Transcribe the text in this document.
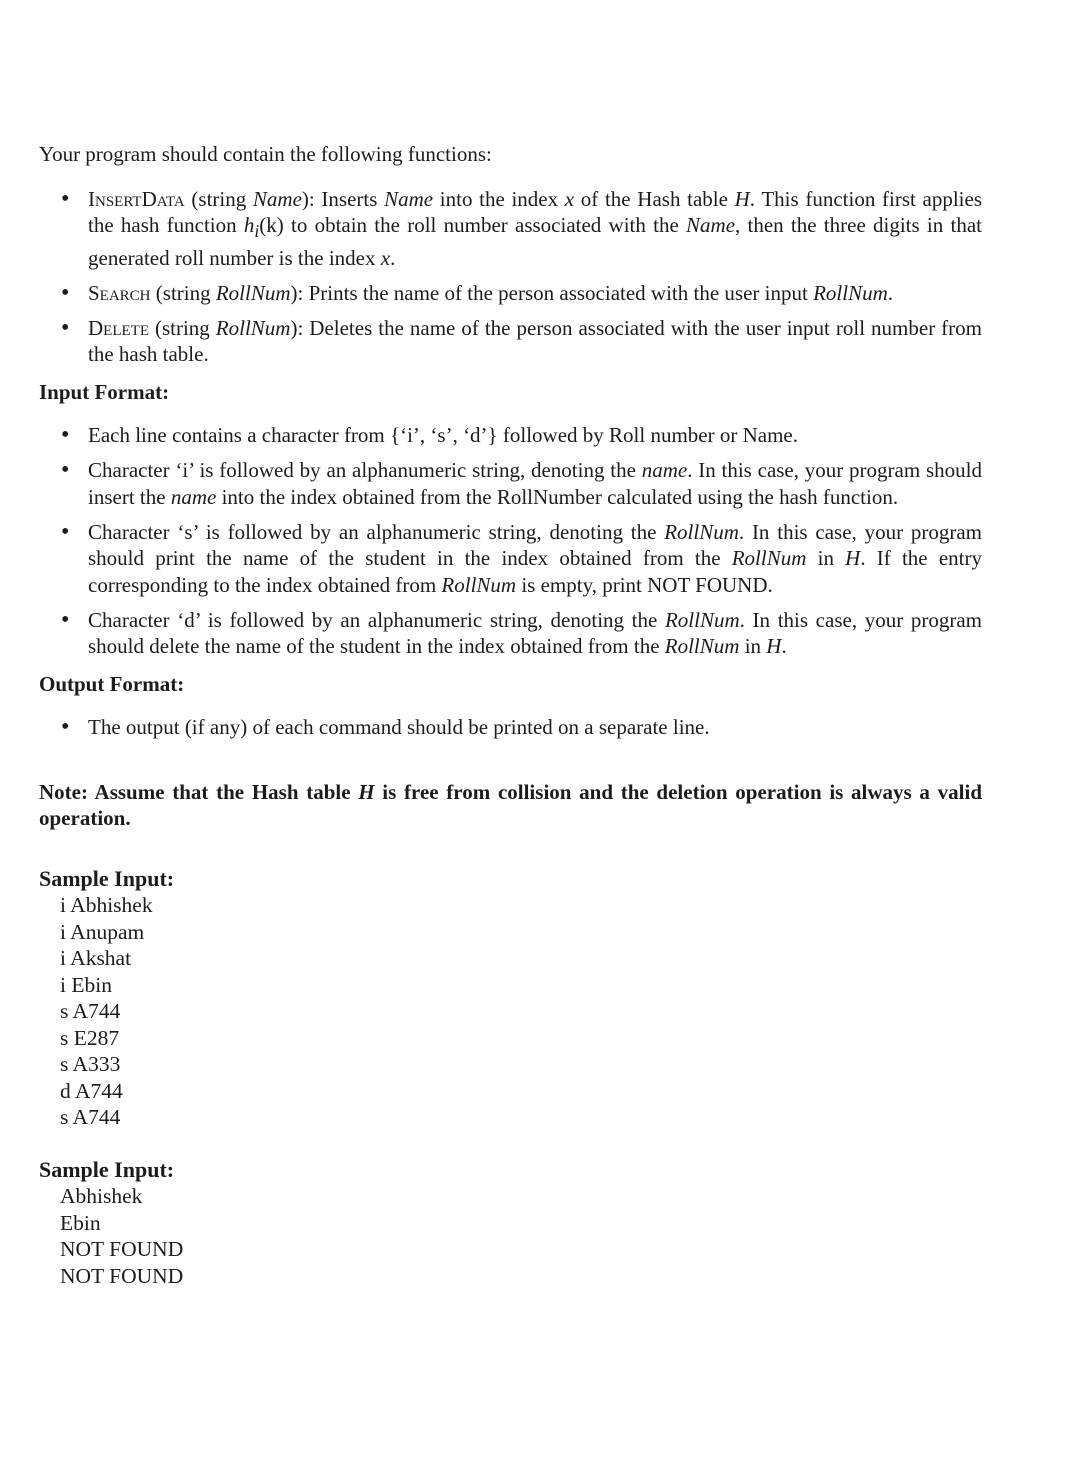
Your program should contain the following functions:

• InsertData (string Name): Inserts Name into the index x of the Hash table H. This function first applies the hash function $h_i(k)$ to obtain the roll number associated with the Name, then the three digits in that generated roll number is the index x.
• Search (string RollNum): Prints the name of the person associated with the user input RollNum.
• Delete (string RollNum): Deletes the name of the person associated with the user input roll number from the hash table.

Input Format:

• Each line contains a character from {‘i’, ‘s’, ‘d’} followed by Roll number or Name.
• Character ‘i’ is followed by an alphanumeric string, denoting the name. In this case, your program should insert the name into the index obtained from the RollNumber calculated using the hash function.
• Character ‘s’ is followed by an alphanumeric string, denoting the RollNum. In this case, your program should print the name of the student in the index obtained from the RollNum in H. If the entry corresponding to the index obtained from RollNum is empty, print NOT FOUND.
• Character ‘d’ is followed by an alphanumeric string, denoting the RollNum. In this case, your program should delete the name of the student in the index obtained from the RollNum in H.

Output Format:

• The output (if any) of each command should be printed on a separate line.

Note: Assume that the Hash table H is free from collision and the deletion operation is always a valid operation.

Sample Input:
i Abhishek
i Anupam
i Akshat
i Ebin
s A744
s E287
s A333
d A744
s A744
Sample Input:
Abhishek
Ebin
NOT FOUND
NOT FOUND
